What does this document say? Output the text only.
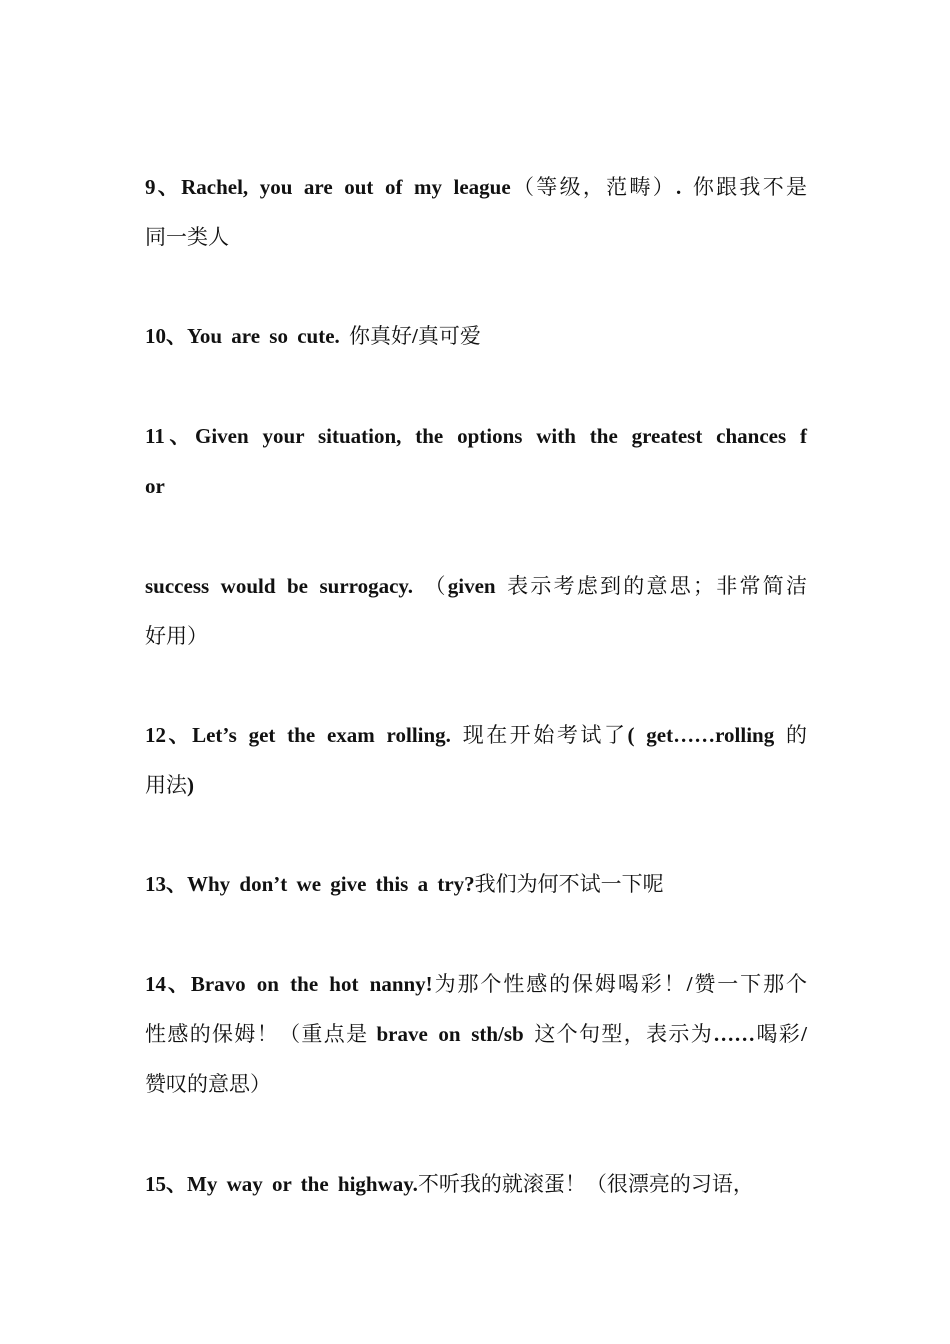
9、Rachel, you are out of my league（等级，范畴）. 你跟我不是
同一类人
10、You are so cute. 你真好/真可爱
11、Given your situation, the options with the greatest chances f
or
success would be surrogacy. （given 表示考虑到的意思；非常简洁
好用）
12、Let’s get the exam rolling. 现在开始考试了( get……rolling 的
用法)
13、Why don’t we give this a try?我们为何不试一下呢
14、Bravo on the hot nanny!为那个性感的保姆喝彩！/赞一下那个
性感的保姆！（重点是 brave on sth/sb 这个句型，表示为……喝彩/
赞叹的意思）
15、My way or the highway.不听我的就滚蛋！（很漂亮的习语，
